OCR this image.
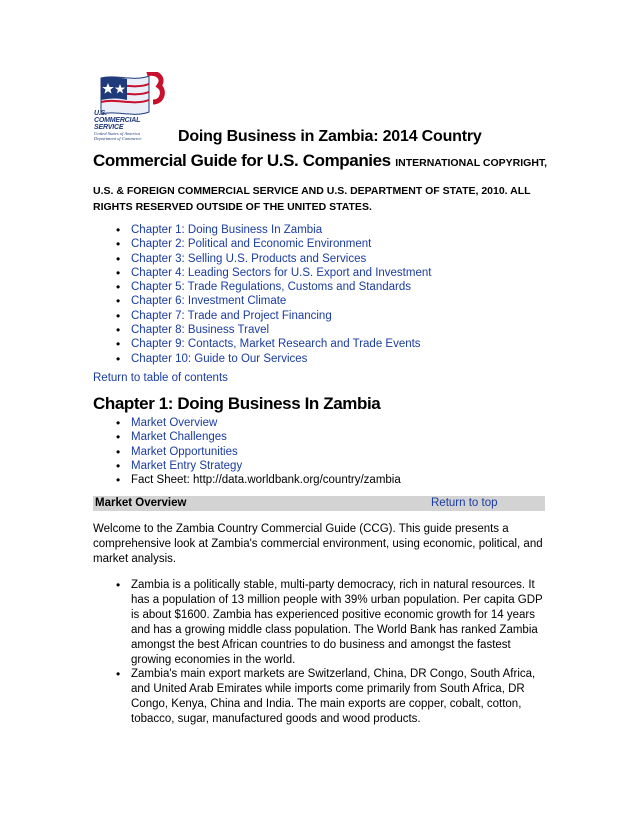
U.S.
COMMERCIAL
SERVICE
United States of America
Department of Commerce	Doing Business in Zambia: 2014 Country
Commercial Guide for U.S. Companies INTERNATIONAL COPYRIGHT,

U.S. & FOREIGN COMMERCIAL SERVICE AND U.S. DEPARTMENT OF STATE, 2010. ALL RIGHTS RESERVED OUTSIDE OF THE UNITED STATES.

• Chapter 1: Doing Business In Zambia
• Chapter 2: Political and Economic Environment
• Chapter 3: Selling U.S. Products and Services
• Chapter 4: Leading Sectors for U.S. Export and Investment
• Chapter 5: Trade Regulations, Customs and Standards
• Chapter 6: Investment Climate
• Chapter 7: Trade and Project Financing
• Chapter 8: Business Travel
• Chapter 9: Contacts, Market Research and Trade Events
• Chapter 10: Guide to Our Services
Return to table of contents
Chapter 1: Doing Business In Zambia
• Market Overview
• Market Challenges
• Market Opportunities
• Market Entry Strategy
• Fact Sheet: http://data.worldbank.org/country/zambia
Market Overview	Return to top

Welcome to the Zambia Country Commercial Guide (CCG). This guide presents a comprehensive look at Zambia's commercial environment, using economic, political, and market analysis.

• Zambia is a politically stable, multi-party democracy, rich in natural resources. It has a population of 13 million people with 39% urban population. Per capita GDP is about $1600. Zambia has experienced positive economic growth for 14 years and has a growing middle class population. The World Bank has ranked Zambia amongst the best African countries to do business and amongst the fastest growing economies in the world.

• Zambia's main export markets are Switzerland, China, DR Congo, South Africa, and United Arab Emirates while imports come primarily from South Africa, DR Congo, Kenya, China and India. The main exports are copper, cobalt, cotton, tobacco, sugar, manufactured goods and wood products.
